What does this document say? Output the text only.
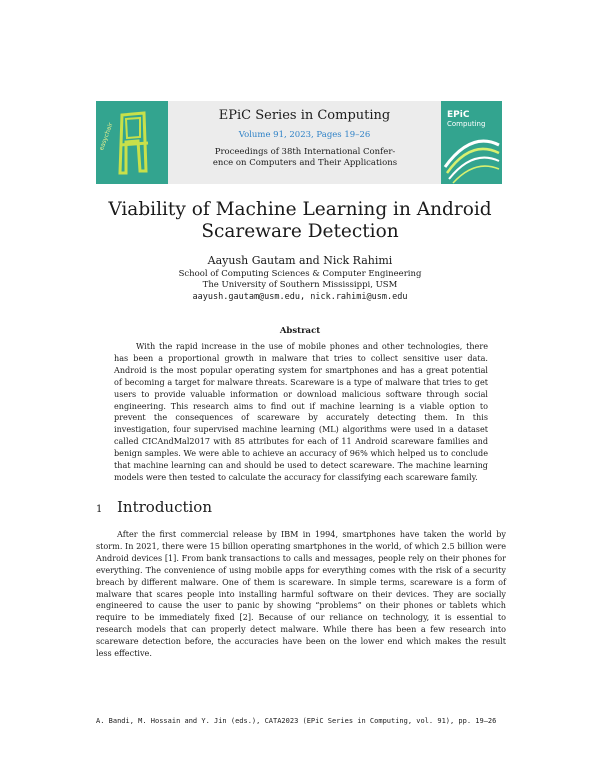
easychair
EPiC Series in Computing
Volume 91, 2023, Pages 19–26
Proceedings of 38th International Confer-
ence on Computers and Their Applications
EPiC
Computing
Viability of Machine Learning in Android
Scareware Detection
Aayush Gautam and Nick Rahimi
School of Computing Sciences & Computer Engineering
The University of Southern Mississippi, USM
aayush.gautam@usm.edu, nick.rahimi@usm.edu
Abstract

With the rapid increase in the use of mobile phones and other technologies, there has been a proportional growth in malware that tries to collect sensitive user data. Android is the most popular operating system for smartphones and has a great potential of becoming a target for malware threats. Scareware is a type of malware that tries to get users to provide valuable information or download malicious software through social engineering. This research aims to find out if machine learning is a viable option to prevent the consequences of scareware by accurately detecting them. In this investigation, four supervised machine learning (ML) algorithms were used in a dataset called CICAndMal2017 with 85 attributes for each of 11 Android scareware families and benign samples. We were able to achieve an accuracy of 96% which helped us to conclude that machine learning can and should be used to detect scareware. The machine learning models were then tested to calculate the accuracy for classifying each scareware family.

1 Introduction

After the first commercial release by IBM in 1994, smartphones have taken the world by storm. In 2021, there were 15 billion operating smartphones in the world, of which 2.5 billion were Android devices [1]. From bank transactions to calls and messages, people rely on their phones for everything. The convenience of using mobile apps for everything comes with the risk of a security breach by different malware. One of them is scareware. In simple terms, scareware is a form of malware that scares people into installing harmful software on their devices. They are socially engineered to cause the user to panic by showing “problems” on their phones or tablets which require to be immediately fixed [2]. Because of our reliance on technology, it is essential to research models that can properly detect malware. While there has been a few research into scareware detection before, the accuracies have been on the lower end which makes the result less effective.

A. Bandi, M. Hossain and Y. Jin (eds.), CATA2023 (EPiC Series in Computing, vol. 91), pp. 19–26
